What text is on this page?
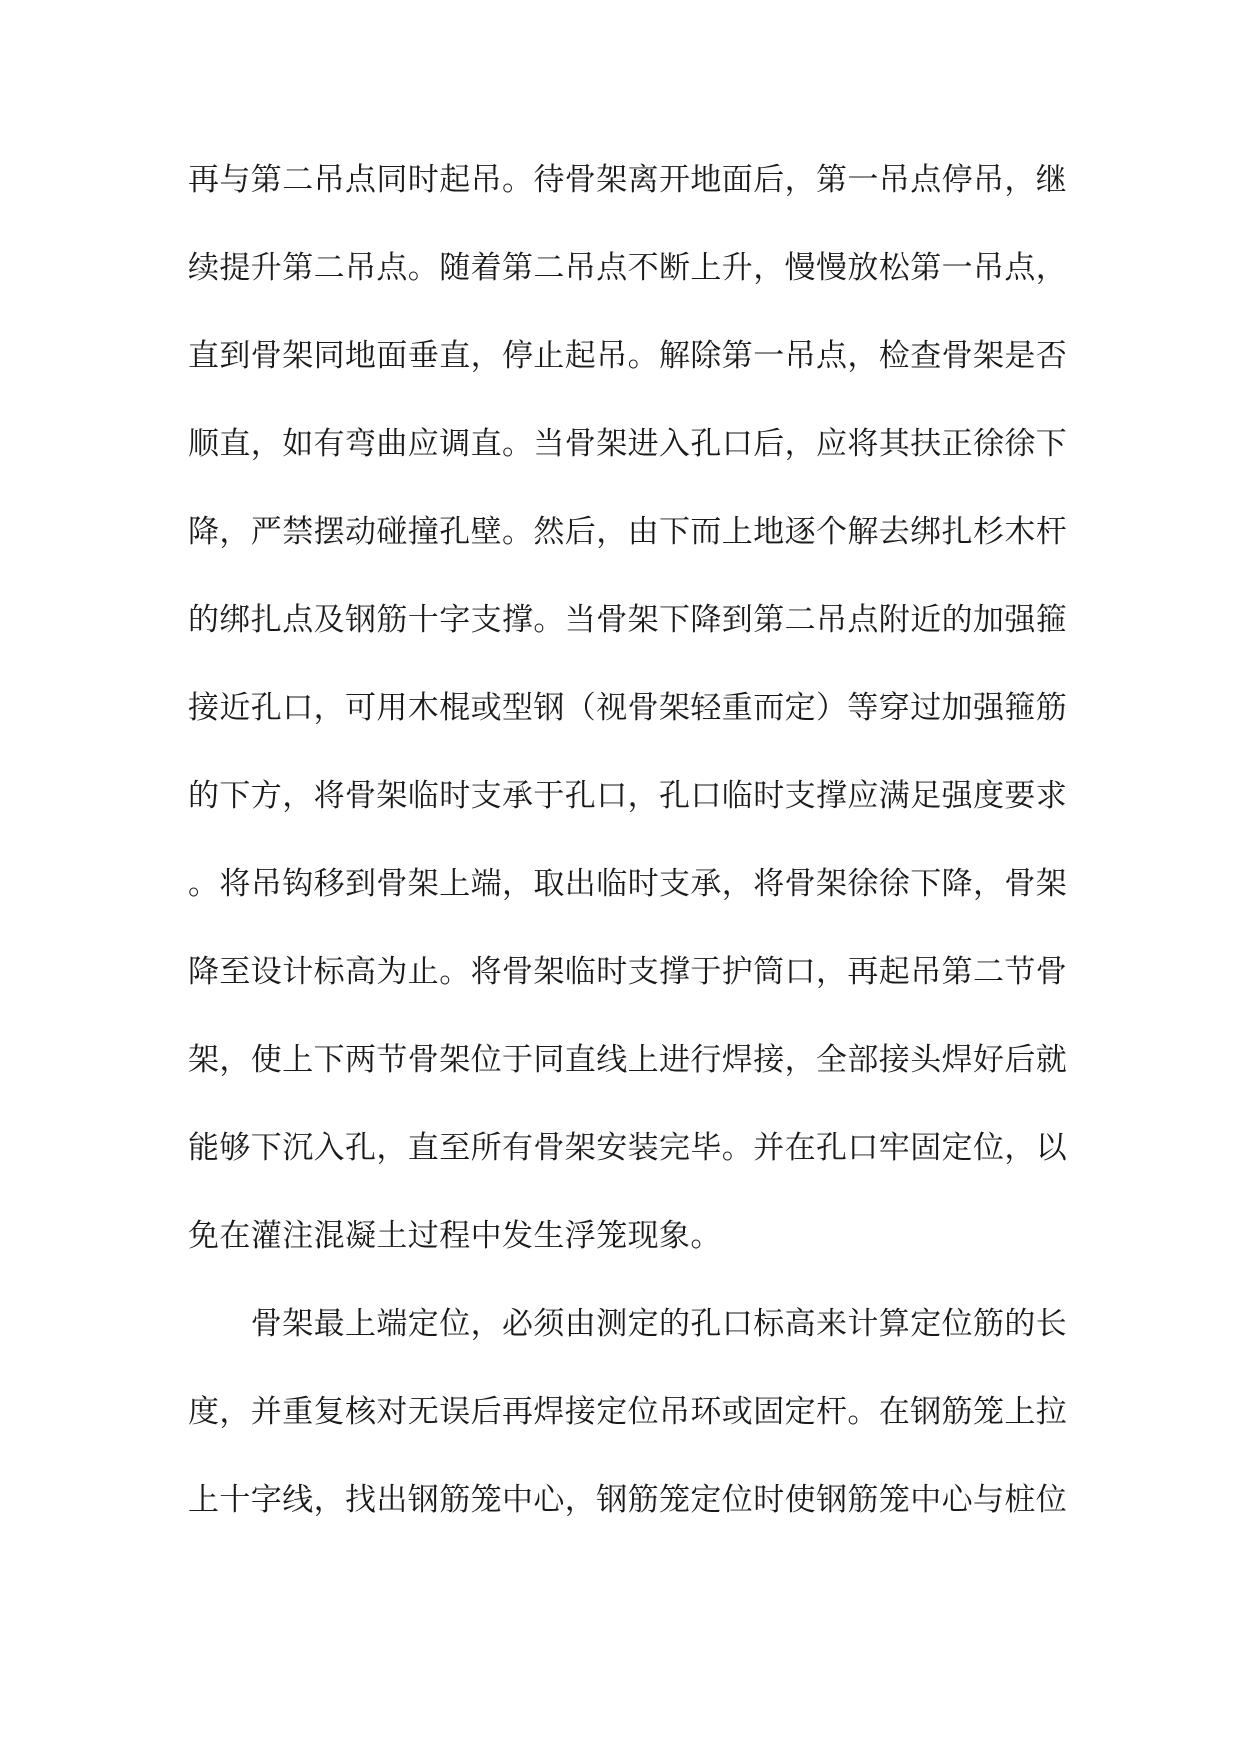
再与第二吊点同时起吊。待骨架离开地面后，第一吊点停吊，继
续提升第二吊点。随着第二吊点不断上升，慢慢放松第一吊点，
直到骨架同地面垂直，停止起吊。解除第一吊点，检查骨架是否
顺直，如有弯曲应调直。当骨架进入孔口后，应将其扶正徐徐下
降，严禁摆动碰撞孔壁。然后，由下而上地逐个解去绑扎杉木杆
的绑扎点及钢筋十字支撑。当骨架下降到第二吊点附近的加强箍
接近孔口，可用木棍或型钢（视骨架轻重而定）等穿过加强箍筋
的下方，将骨架临时支承于孔口，孔口临时支撑应满足强度要求
。将吊钩移到骨架上端，取出临时支承，将骨架徐徐下降，骨架
降至设计标高为止。将骨架临时支撑于护筒口，再起吊第二节骨
架，使上下两节骨架位于同直线上进行焊接，全部接头焊好后就
能够下沉入孔，直至所有骨架安装完毕。并在孔口牢固定位，以
免在灌注混凝土过程中发生浮笼现象。
　　骨架最上端定位，必须由测定的孔口标高来计算定位筋的长
度，并重复核对无误后再焊接定位吊环或固定杆。在钢筋笼上拉
上十字线，找出钢筋笼中心，钢筋笼定位时使钢筋笼中心与桩位
